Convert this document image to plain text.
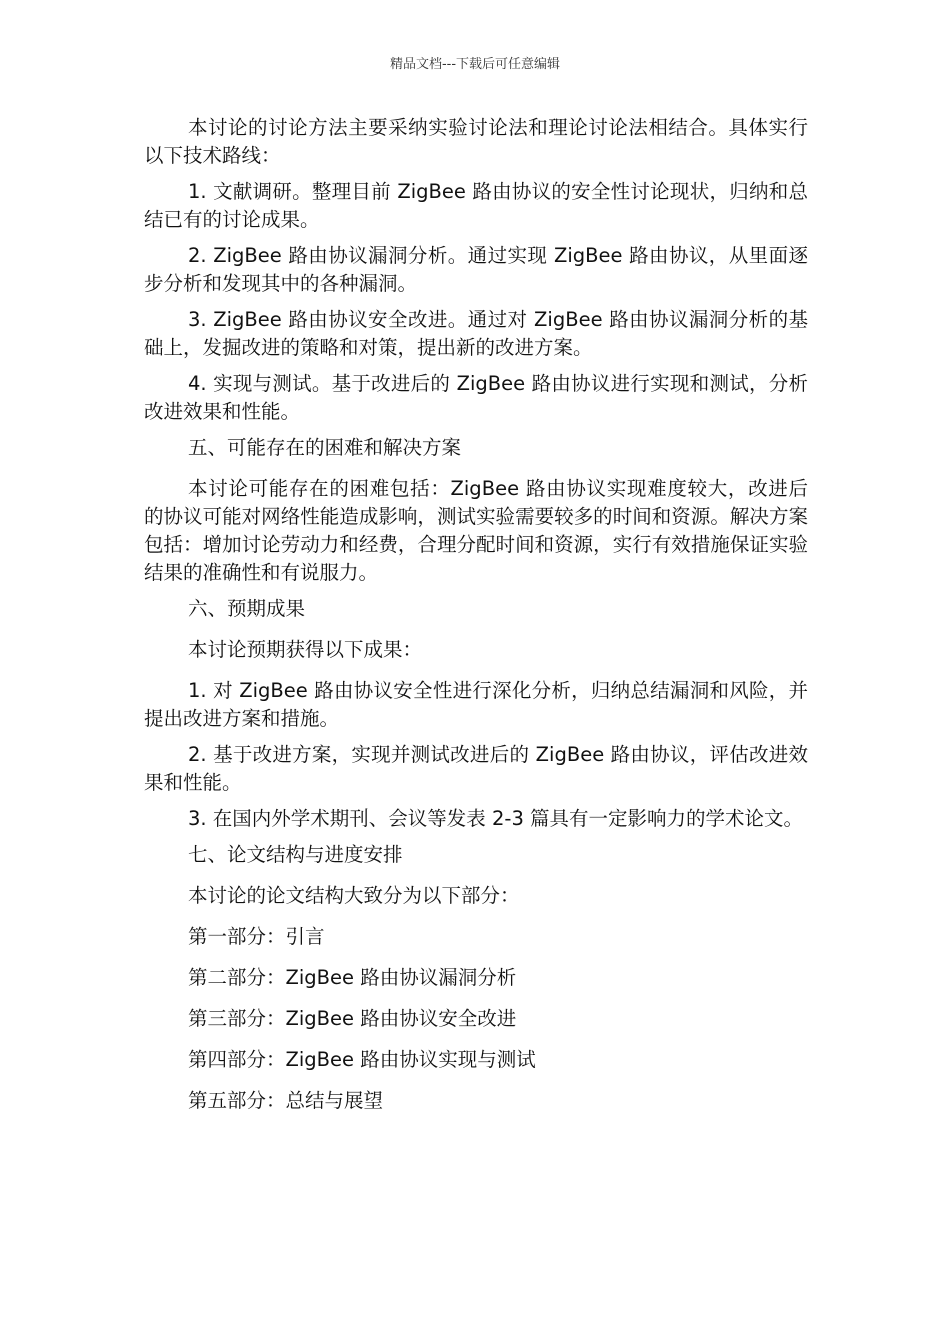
精品文档---下载后可任意编辑

本讨论的讨论方法主要采纳实验讨论法和理论讨论法相结合。具体实行以下技术路线：

1. 文献调研。整理目前 ZigBee 路由协议的安全性讨论现状，归纳和总结已有的讨论成果。

2. ZigBee 路由协议漏洞分析。通过实现 ZigBee 路由协议，从里面逐步分析和发现其中的各种漏洞。

3. ZigBee 路由协议安全改进。通过对 ZigBee 路由协议漏洞分析的基础上，发掘改进的策略和对策，提出新的改进方案。

4. 实现与测试。基于改进后的 ZigBee 路由协议进行实现和测试，分析改进效果和性能。

五、可能存在的困难和解决方案

本讨论可能存在的困难包括：ZigBee 路由协议实现难度较大，改进后的协议可能对网络性能造成影响，测试实验需要较多的时间和资源。解决方案包括：增加讨论劳动力和经费，合理分配时间和资源，实行有效措施保证实验结果的准确性和有说服力。

六、预期成果

本讨论预期获得以下成果：

1. 对 ZigBee 路由协议安全性进行深化分析，归纳总结漏洞和风险，并提出改进方案和措施。

2. 基于改进方案，实现并测试改进后的 ZigBee 路由协议，评估改进效果和性能。

3. 在国内外学术期刊、会议等发表 2-3 篇具有一定影响力的学术论文。

七、论文结构与进度安排

本讨论的论文结构大致分为以下部分：

第一部分：引言

第二部分：ZigBee 路由协议漏洞分析

第三部分：ZigBee 路由协议安全改进

第四部分：ZigBee 路由协议实现与测试

第五部分：总结与展望
